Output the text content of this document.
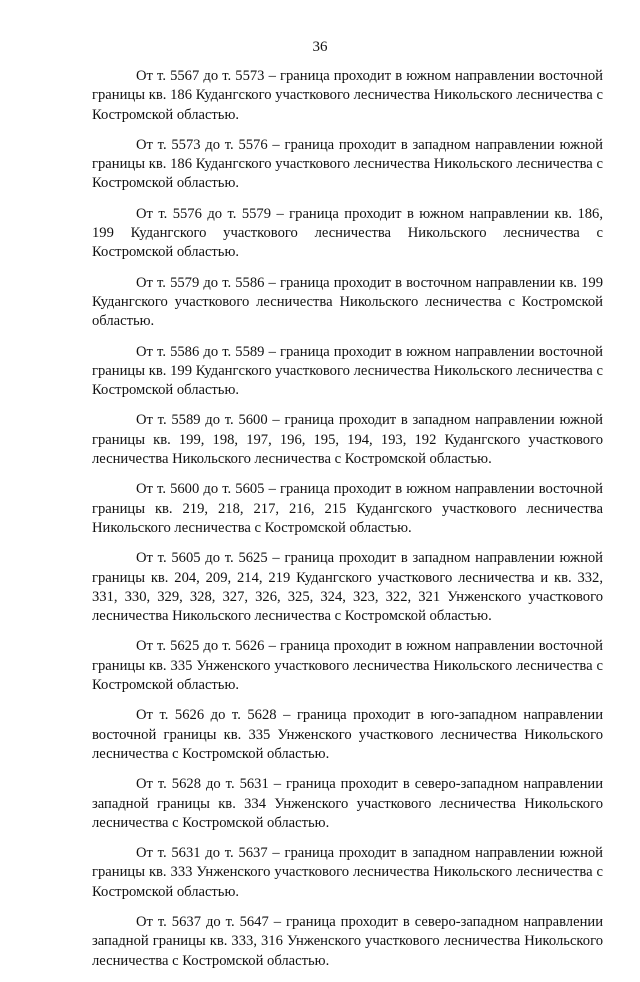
36

От т. 5567 до т. 5573 – граница проходит в южном направлении восточной границы кв. 186 Кудангского участкового лесничества Никольского лесничества с Костромской областью.

От т. 5573 до т. 5576 – граница проходит в западном направлении южной границы кв. 186 Кудангского участкового лесничества Никольского лесничества с Костромской областью.

От т. 5576 до т. 5579 – граница проходит в южном направлении кв. 186, 199 Кудангского участкового лесничества Никольского лесничества с Костромской областью.

От т. 5579 до т. 5586 – граница проходит в восточном направлении кв. 199 Кудангского участкового лесничества Никольского лесничества с Костромской областью.

От т. 5586 до т. 5589 – граница проходит в южном направлении восточной границы кв. 199 Кудангского участкового лесничества Никольского лесничества с Костромской областью.

От т. 5589 до т. 5600 – граница проходит в западном направлении южной границы кв. 199, 198, 197, 196, 195, 194, 193, 192 Кудангского участкового лесничества Никольского лесничества с Костромской областью.

От т. 5600 до т. 5605 – граница проходит в южном направлении восточной границы кв. 219, 218, 217, 216, 215 Кудангского участкового лесничества Никольского лесничества с Костромской областью.

От т. 5605 до т. 5625 – граница проходит в западном направлении южной границы кв. 204, 209, 214, 219 Кудангского участкового лесничества и кв. 332, 331, 330, 329, 328, 327, 326, 325, 324, 323, 322, 321 Унженского участкового лесничества Никольского лесничества с Костромской областью.

От т. 5625 до т. 5626 – граница проходит в южном направлении восточной границы кв. 335 Унженского участкового лесничества Никольского лесничества с Костромской областью.

От т. 5626 до т. 5628 – граница проходит в юго-западном направлении восточной границы кв. 335 Унженского участкового лесничества Никольского лесничества с Костромской областью.

От т. 5628 до т. 5631 – граница проходит в северо-западном направлении западной границы кв. 334 Унженского участкового лесничества Никольского лесничества с Костромской областью.

От т. 5631 до т. 5637 – граница проходит в западном направлении южной границы кв. 333 Унженского участкового лесничества Никольского лесничества с Костромской областью.

От т. 5637 до т. 5647 – граница проходит в северо-западном направлении западной границы кв. 333, 316 Унженского участкового лесничества Никольского лесничества с Костромской областью.
